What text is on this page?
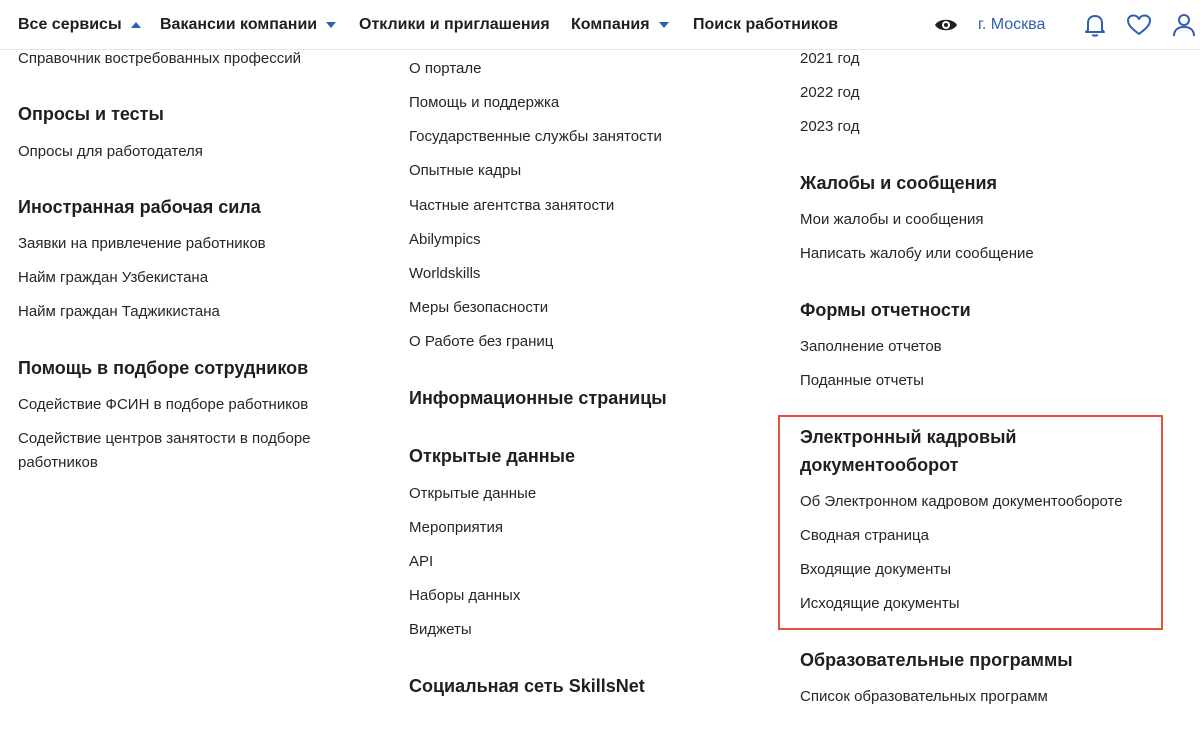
Все сервисы	Вакансии компании	Отклики и приглашения Компания	Поиск работников	г. Москва
Справочник востребованных профессий
Опросы и тесты
Опросы для работодателя
Иностранная рабочая сила
Заявки на привлечение работников
Найм граждан Узбекистана
Найм граждан Таджикистана
Помощь в подборе сотрудников
Содействие ФСИН в подборе работников
Содействие центров занятости в подборе
работников
О портале
Помощь и поддержка
Государственные службы занятости
Опытные кадры
Частные агентства занятости
Abilympics
Worldskills
Меры безопасности
О Работе без границ
Информационные страницы
Открытые данные
Открытые данные
Мероприятия
API
Наборы данных
Виджеты
Социальная сеть SkillsNet
2021 год
2022 год
2023 год
Жалобы и сообщения
Мои жалобы и сообщения
Написать жалобу или сообщение
Формы отчетности
Заполнение отчетов
Поданные отчеты
Электронный кадровый
документооборот
Об Электронном кадровом документообороте
Сводная страница
Входящие документы
Исходящие документы
Образовательные программы
Список образовательных программ
